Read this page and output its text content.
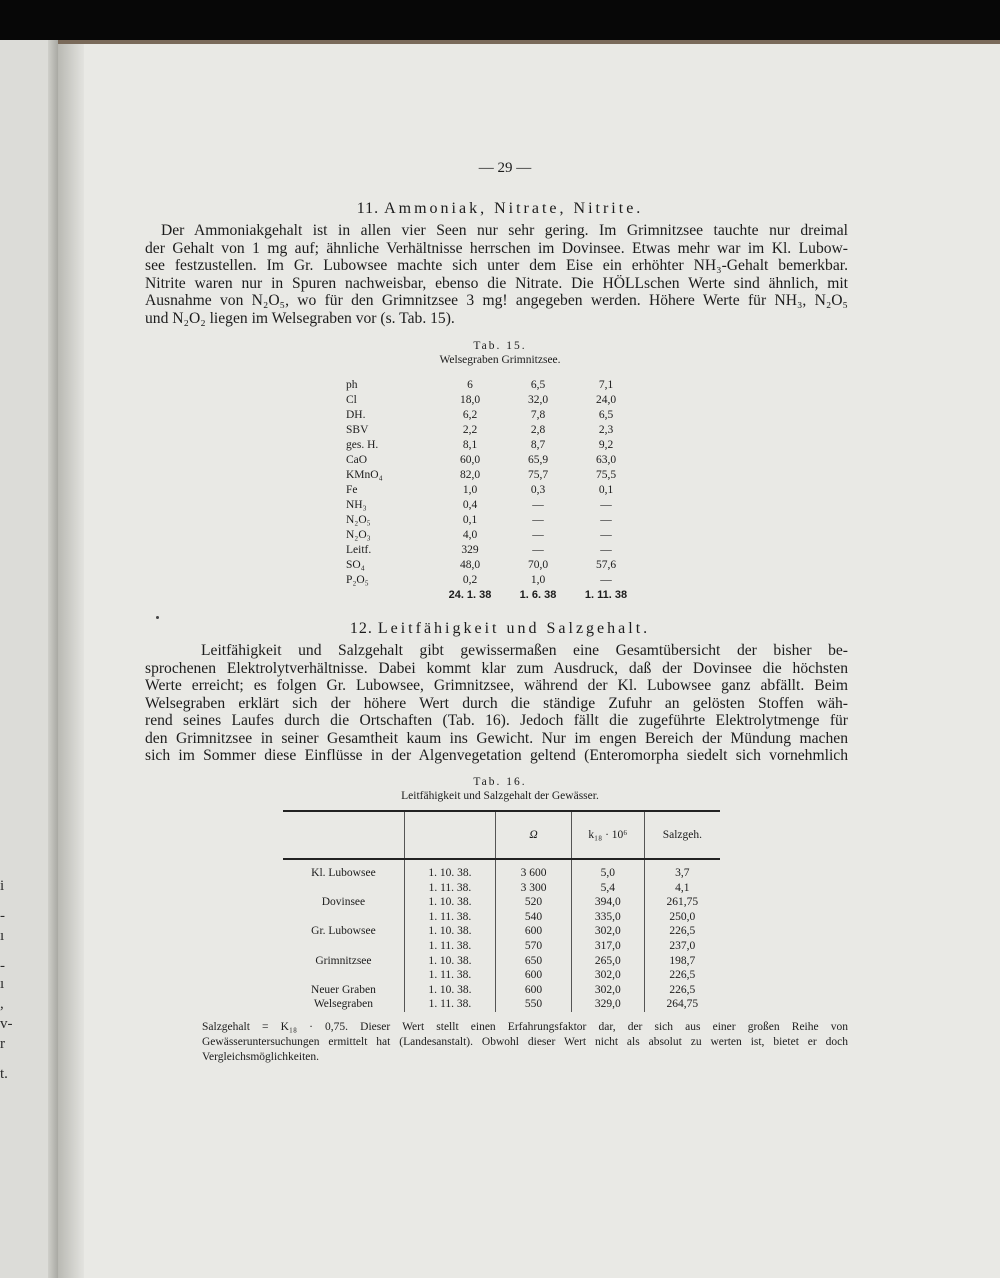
i
-
ı
-
ı
,
v-
r
t.
— 29 —
11. Ammoniak, Nitrate, Nitrite.
Der Ammoniakgehalt ist in allen vier Seen nur sehr gering. Im Grimnitzsee tauchte nur dreimal
der Gehalt von 1 mg auf; ähnliche Verhältnisse herrschen im Dovinsee. Etwas mehr war im Kl. Lubow-
see festzustellen. Im Gr. Lubowsee machte sich unter dem Eise ein erhöhter NH₃-Gehalt bemerkbar.
Nitrite waren nur in Spuren nachweisbar, ebenso die Nitrate. Die HÖLLschen Werte sind ähnlich, mit
Ausnahme von N₂O₅, wo für den Grimnitzsee 3 mg! angegeben werden. Höhere Werte für NH₃, N₂O₅
und N₂O₂ liegen im Welsegraben vor (s. Tab. 15).
Tab. 15.
Welsegraben Grimnitzsee.
ph	6	6,5	7,1
Cl	18,0	32,0	24,0
DH.	6,2	7,8	6,5
SBV	2,2	2,8	2,3
ges. H.	8,1	8,7	9,2
CaO	60,0	65,9	63,0
KMnO₄	82,0	75,7	75,5
Fe	1,0	0,3	0,1
NH₃	0,4	—	—
N₂O₅	0,1	—	—
N₂O₃	4,0	—	—
Leitf.	329	—	—
SO₄	48,0	70,0	57,6
P₂O₅	0,2	1,0	—
	24. 1. 38	1. 6. 38	1. 11. 38
12. Leitfähigkeit und Salzgehalt.
Leitfähigkeit und Salzgehalt gibt gewissermaßen eine Gesamtübersicht der bisher be-
sprochenen Elektrolytverhältnisse. Dabei kommt klar zum Ausdruck, daß der Dovinsee die höchsten
Werte erreicht; es folgen Gr. Lubowsee, Grimnitzsee, während der Kl. Lubowsee ganz abfällt. Beim
Welsegraben erklärt sich der höhere Wert durch die ständige Zufuhr an gelösten Stoffen wäh-
rend seines Laufes durch die Ortschaften (Tab. 16). Jedoch fällt die zugeführte Elektrolytmenge für
den Grimnitzsee in seiner Gesamtheit kaum ins Gewicht. Nur im engen Bereich der Mündung machen
sich im Sommer diese Einflüsse in der Algenvegetation geltend (Enteromorpha siedelt sich vornehmlich
Tab. 16.
Leitfähigkeit und Salzgehalt der Gewässer.
		Ω	k₁₈ · 10⁶	Salzgeh.
Kl. Lubowsee	1. 10. 38.	3 600	5,0	3,7
	1. 11. 38.	3 300	5,4	4,1
Dovinsee	1. 10. 38.	520	394,0	261,75
	1. 11. 38.	540	335,0	250,0
Gr. Lubowsee	1. 10. 38.	600	302,0	226,5
	1. 11. 38.	570	317,0	237,0
Grimnitzsee	1. 10. 38.	650	265,0	198,7
	1. 11. 38.	600	302,0	226,5
Neuer Graben	1. 10. 38.	600	302,0	226,5
Welsegraben	1. 11. 38.	550	329,0	264,75
Salzgehalt = K₁₈ · 0,75. Dieser Wert stellt einen Erfahrungsfaktor dar, der sich aus einer großen Reihe von
Gewässeruntersuchungen ermittelt hat (Landesanstalt). Obwohl dieser Wert nicht als absolut zu werten ist, bietet er doch
Vergleichsmöglichkeiten.
